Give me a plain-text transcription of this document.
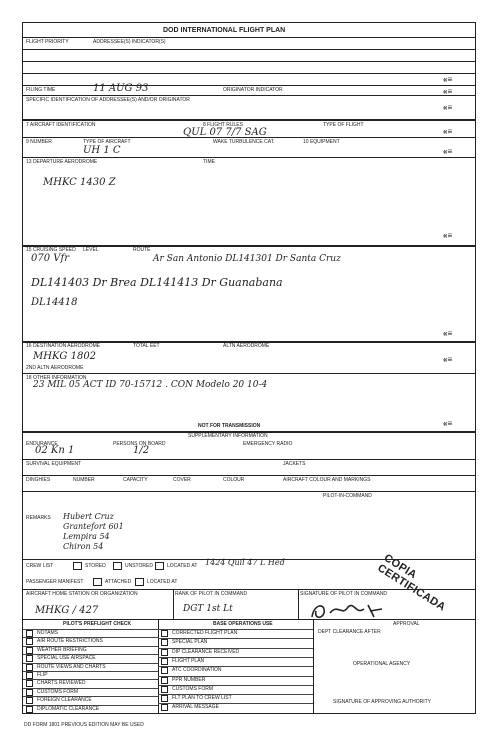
DOD INTERNATIONAL FLIGHT PLAN
FLIGHT PRIORITY	ADDRESSEE(S) INDICATOR(S)
«≡
FILING TIME	11 AUG 93	ORIGINATOR INDICATOR	«≡
SPECIFIC IDENTIFICATION OF ADDRESSEE(S) AND/OR ORIGINATOR
«≡
7 AIRCRAFT IDENTIFICATION	8 FLIGHT RULES	TYPE OF FLIGHT
QUL 07 7/7 SAG	«≡
9 NUMBER	TYPE OF AIRCRAFT	WAKE TURBULENCE CAT.	10 EQUIPMENT
UH 1 C	«≡
13 DEPARTURE AERODROME	TIME
MHKC 1430 Z
«≡
15 CRUISING SPEED LEVEL	ROUTE
070 Vfr	Ar San Antonio DL141301 Dr Santa Cruz
DL141403 Dr Brea DL141413 Dr Guanabana
DL14418
«≡
16 DESTINATION AERODROME	TOTAL EET	ALTN AERODROME
MHKG 1802
2ND ALTN AERODROME
«≡
18 OTHER INFORMATION
23 MIL 05 ACT ID 70-15712 . CON Modelo 20 10-4
«≡
NOT FOR TRANSMISSION
SUPPLEMENTARY INFORMATION
ENDURANCE	PERSONS ON BOARD	EMERGENCY RADIO
02 Kn 1	1/2
SURVIVAL EQUIPMENT	JACKETS
DINGHIES	NUMBER	CAPACITY	COVER	COLOUR	AIRCRAFT COLOUR AND MARKINGS
PILOT-IN-COMMAND
REMARKS Hubert Cruz
Grantefort 601
Lempira 54
Chiron 54
CREW LIST	STORED	UNSTORED	LOCATED AT 1424 Quil 47 L Hed
PASSENGER MANIFEST	ATTACHED	LOCATED AT
AIRCRAFT HOME STATION OR ORGANIZATION
MHKG / 427
RANK OF PILOT IN COMMAND
DGT 1st Lt
SIGNATURE OF PILOT IN COMMAND
PILOT'S PREFLIGHT CHECK	BASE OPERATIONS USE	APPROVAL
DEPT CLEARANCE AFTER
OPERATIONAL AGENCY
SIGNATURE OF APPROVING AUTHORITY
NOTAMS
AIR ROUTE RESTRICTIONS
WEATHER BRIEFING
SPECIAL USE AIRSPACE
ROUTE VIEWS AND CHARTS
FLIP
CHARTS REVIEWED
CUSTOMS FORM
FOREIGN CLEARANCE
DIPLOMATIC CLEARANCE
CORRECTED FLIGHT PLAN
SPECIAL PLAN
DIP CLEARANCE RECEIVED
FLIGHT PLAN
ATC COORDINATION
PPR NUMBER
CUSTOMS FORM
FLT PLAN TO CREW LIST
ARRIVAL MESSAGE
COPIA CERTIFICADA
DD FORM 1801 PREVIOUS EDITION MAY BE USED
